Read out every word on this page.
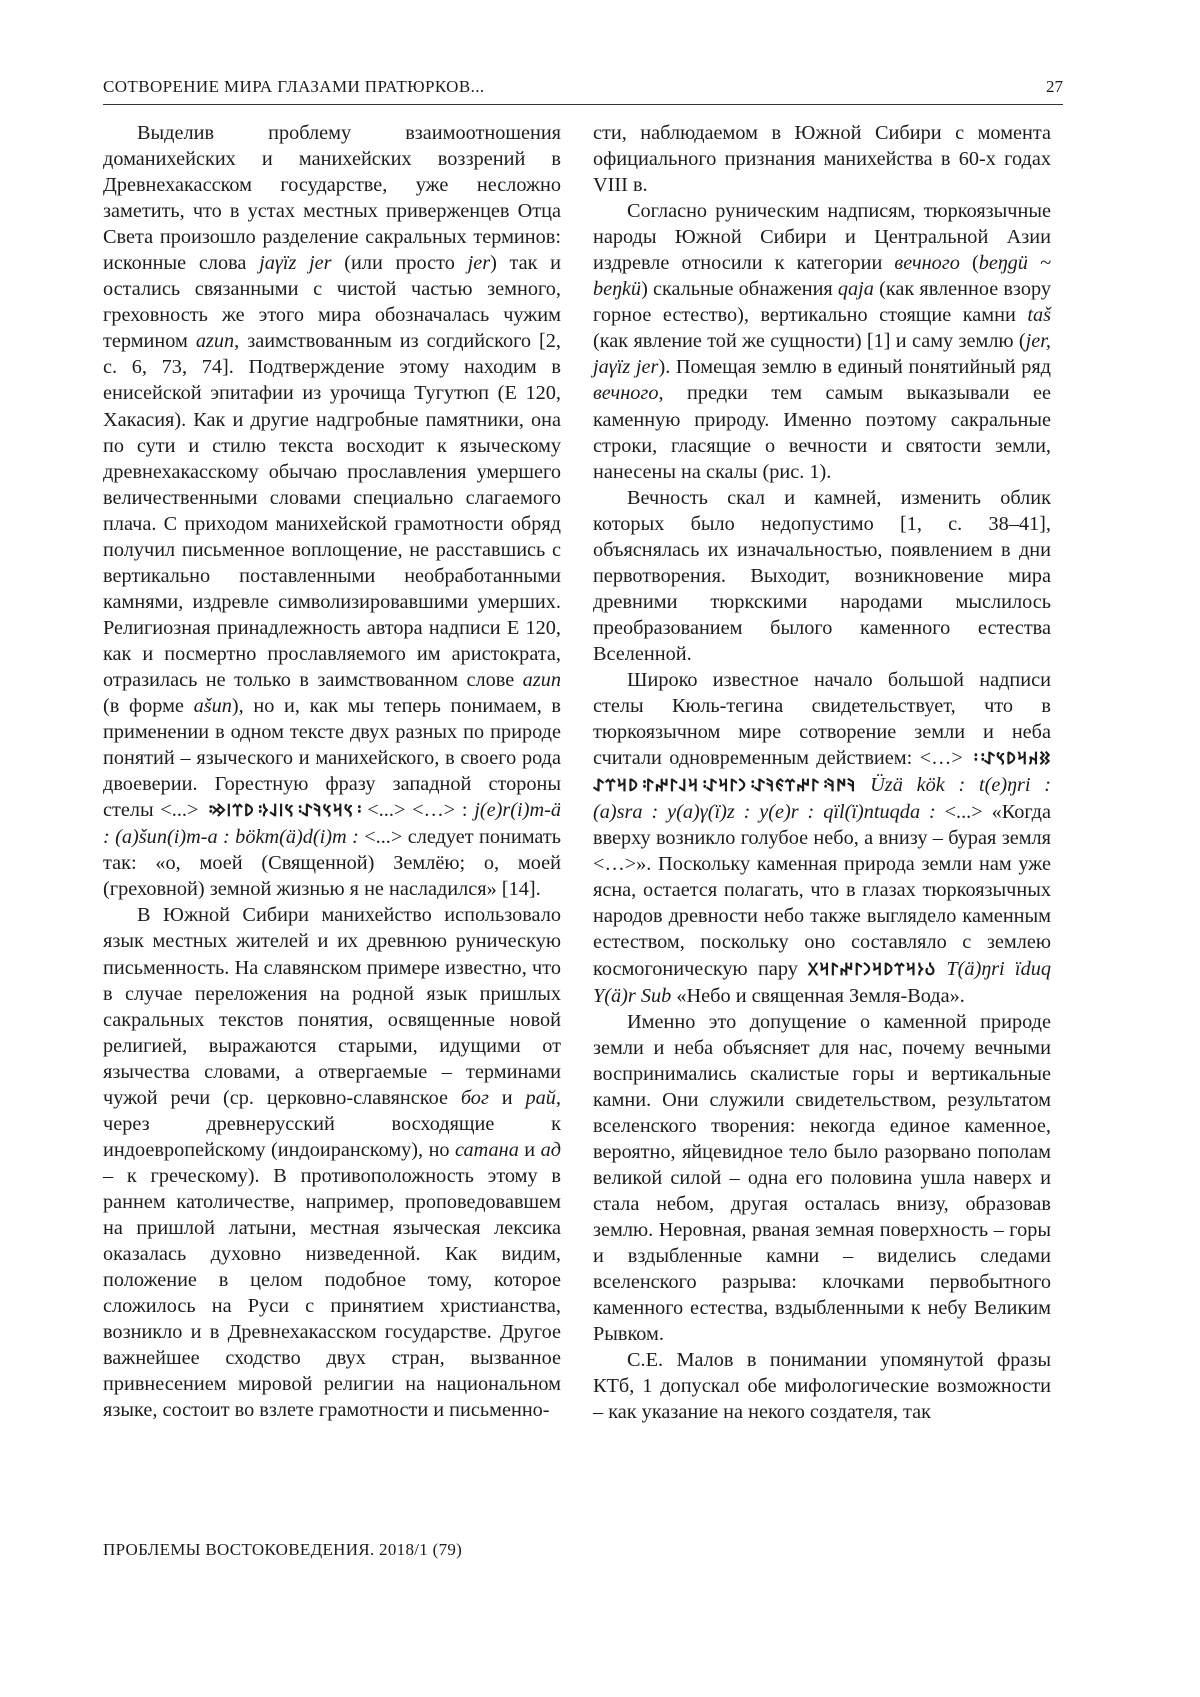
СОТВОРЕНИЕ МИРА ГЛАЗАМИ ПРАТЮРКОВ...	27

Выделив проблему взаимоотношения доманихейских и манихейских воззрений в Древнехакасском государстве, уже несложно заметить, что в устах местных приверженцев Отца Света произошло разделение сакральных терминов: исконные слова jaγïz jer (или просто jer) так и остались связанными с чистой частью земного, греховность же этого мира обозначалась чужим термином azun, заимствованным из согдийского [2, с. 6, 73, 74]. Подтверждение этому находим в енисейской эпитафии из урочища Тугутюп (Е 120, Хакасия). Как и другие надгробные памятники, она по сути и стилю текста восходит к языческому древнехакасскому обычаю прославления умершего величественными словами специально слагаемого плача. С приходом манихейской грамотности обряд получил письменное воплощение, не расставшись с вертикально поставленными необработанными камнями, издревле символизировавшими умерших. Религиозная принадлежность автора надписи Е 120, как и посмертно прославляемого им аристократа, отразилась не только в заимствованном слове azun (в форме ašun), но и, как мы теперь понимаем, в применении в одном тексте двух разных по природе понятий – языческого и манихейского, в своего рода двоеверии. Горестную фразу западной стороны стелы <...> ᠄𐰽𐰺𐰽𐰚𐰀᠄𐰽𐰾𐰞𐰆᠄𐰖𐰼𐰾𐰢᠄ <...> <…> : j(e)r(i)m-ä : (a)šun(i)m-a : bökm(ä)d(i)m : <...> следует понимать так: «о, моей (Священной) Землёю; о, моей (греховной) земной жизнью я не насладился» [14].

В Южной Сибири манихейство использовало язык местных жителей и их древнюю руническую письменность. На славянском примере известно, что в случае переложения на родной язык пришлых сакральных текстов понятия, освященные новой религией, выражаются старыми, идущими от язычества словами, а отвергаемые – терминами чужой речи (ср. церковно-славянское бог и рай, через древнерусский восходящие к индоевропейскому (индоиранскому), но сатана и ад – к греческому). В противоположность этому в раннем католичестве, например, проповедовавшем на пришлой латыни, местная языческая лексика оказалась духовно низведенной. Как видим, положение в целом подобное тому, которое сложилось на Руси с принятием христианства, возникло и в Древнехакасском государстве. Другое важнейшее сходство двух стран, вызванное привнесением мировой религии на национальном языке, состоит во взлете грамотности и письменно-

сти, наблюдаемом в Южной Сибири с момента официального признания манихейства в 60-х годах VIII в.

Согласно руническим надписям, тюркоязычные народы Южной Сибири и Центральной Азии издревле относили к категории вечного (beŋgü ~ beŋkü) скальные обнажения qaja (как явленное взору горное естество), вертикально стоящие камни taš (как явление той же сущности) [1] и саму землю (jer, jaγïz jer). Помещая землю в единый понятийный ряд вечного, предки тем самым выказывали ее каменную природу. Именно поэтому сакральные строки, гласящие о вечности и святости земли, нанесены на скалы (рис. 1).

Вечность скал и камней, изменить облик которых было недопустимо [1, с. 38–41], объяснялась их изначальностью, появлением в дни первотворения. Выходит, возникновение мира древними тюркскими народами мыслилось преобразованием былого каменного естества Вселенной.

Широко известное начало большой надписи стелы Кюль-тегина свидетельствует, что в тюркоязычном мире сотворение земли и неба считали одновременным действием: <…> ᠄𐰑𐰴𐰺𐰖𐰽𐰀᠄𐰚𐰇𐰚᠄𐰃𐰤𐰼𐰏𐰚𐰀᠄𐰣𐰃𐰺𐰀᠄𐰺𐰞𐰃𐰤𐰃᠄𐰖𐰺𐰼𐰀 Üzä kök : t(e)ŋri : (a)sra : y(a)γ(ï)z : y(e)r : qïl(ï)ntuqda : <...> «Когда вверху возникло голубое небо, а внизу – бурая земля <…>». Поскольку каменная природа земли нам уже ясна, остается полагать, что в глазах тюркоязычных народов древности небо также выглядело каменным естеством, поскольку оно составляло с землею космогоническую пару 𐰉𐰆𐰺𐰼𐰖𐰺𐰣𐰃𐰤𐰃𐰺𐰓 T(ä)ŋri ïduq Y(ä)r Sub «Небо и священная Земля-Вода».

Именно это допущение о каменной природе земли и неба объясняет для нас, почему вечными воспринимались скалистые горы и вертикальные камни. Они служили свидетельством, результатом вселенского творения: некогда единое каменное, вероятно, яйцевидное тело было разорвано пополам великой силой – одна его половина ушла наверх и стала небом, другая осталась внизу, образовав землю. Неровная, рваная земная поверхность – горы и вздыбленные камни – виделись следами вселенского разрыва: клочками первобытного каменного естества, вздыбленными к небу Великим Рывком.

С.Е. Малов в понимании упомянутой фразы КТб, 1 допускал обе мифологические возможности – как указание на некого создателя, так

ПРОБЛЕМЫ ВОСТОКОВЕДЕНИЯ. 2018/1 (79)
